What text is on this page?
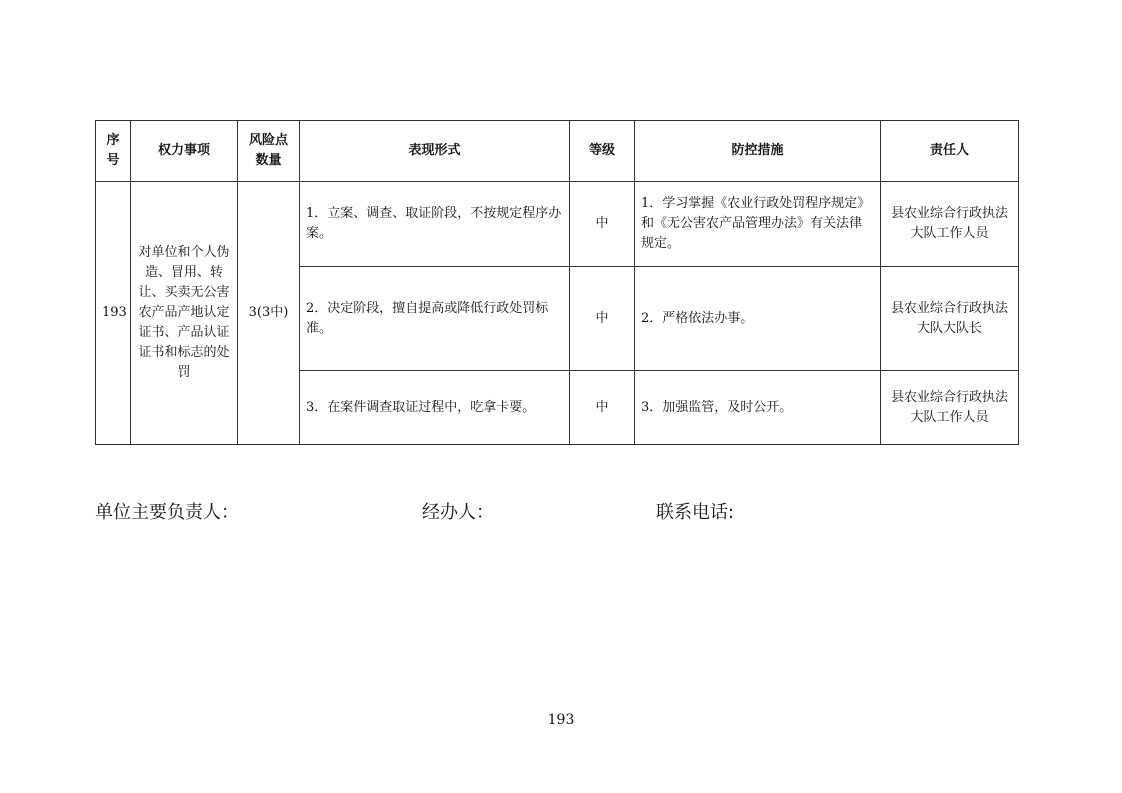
序号	权力事项	风险点数量	表现形式	等级	防控措施	责任人
193	对单位和个人伪造、冒用、转让、买卖无公害农产品产地认定证书、产品认证证书和标志的处罚	3(3中)	1．立案、调查、取证阶段，不按规定程序办案。	中	1．学习掌握《农业行政处罚程序规定》和《无公害农产品管理办法》有关法律规定。	县农业综合行政执法大队工作人员
			2．决定阶段，擅自提高或降低行政处罚标准。	中	2．严格依法办事。	县农业综合行政执法大队大队长
			3．在案件调查取证过程中，吃拿卡要。	中	3．加强监管，及时公开。	县农业综合行政执法大队工作人员
单位主要负责人：	经办人：	联系电话:
193
